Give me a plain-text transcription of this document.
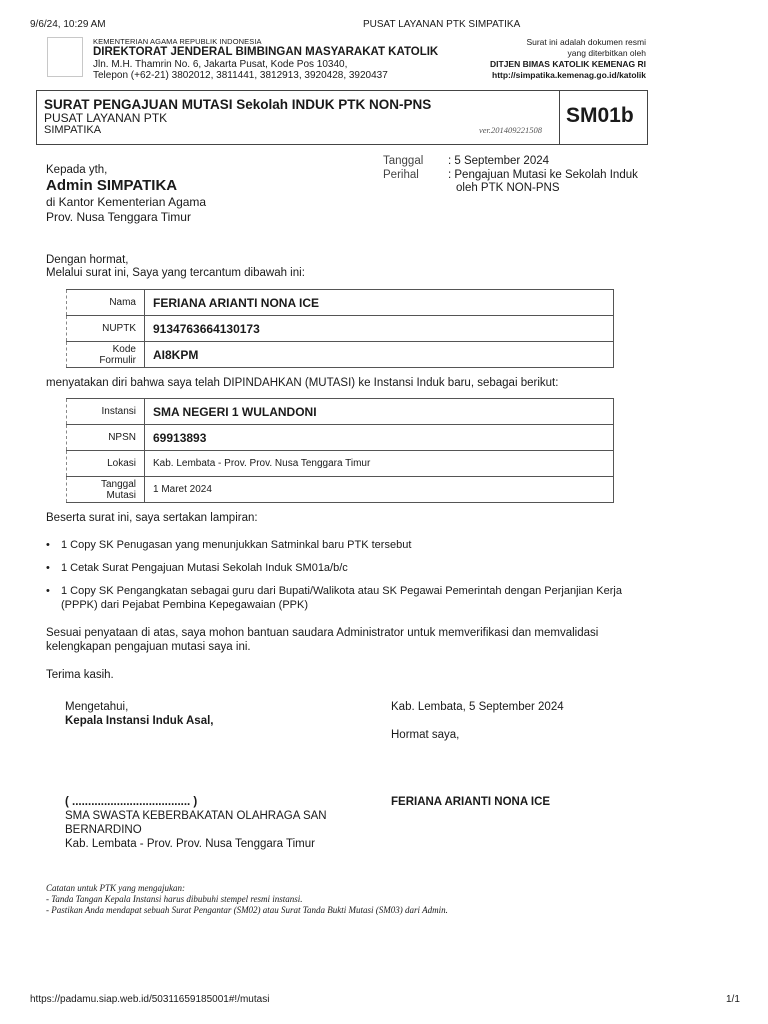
9/6/24, 10:29 AM	PUSAT LAYANAN PTK SIMPATIKA
https://padamu.siap.web.id/50311659185001#!/mutasi	1/1
KEMENTERIAN AGAMA REPUBLIK INDONESIA
DIREKTORAT JENDERAL BIMBINGAN MASYARAKAT KATOLIK
Jln. M.H. Thamrin No. 6, Jakarta Pusat, Kode Pos 10340,
Telepon (+62-21) 3802012, 3811441, 3812913, 3920428, 3920437
Surat ini adalah dokumen resmi
yang diterbitkan oleh
DITJEN BIMAS KATOLIK KEMENAG RI
http://simpatika.kemenag.go.id/katolik
SURAT PENGAJUAN MUTASI Sekolah INDUK PTK NON-PNS
PUSAT LAYANAN PTK
SIMPATIKA	ver.201409221508
SM01b
Kepada yth,
Admin SIMPATIKA
di Kantor Kementerian Agama
Prov. Nusa Tenggara Timur
Tanggal : 5 September 2024
Perihal	: Pengajuan Mutasi ke Sekolah Induk
oleh PTK NON-PNS
Dengan hormat,
Melalui surat ini, Saya yang tercantum dibawah ini:
Nama	FERIANA ARIANTI NONA ICE
NUPTK	9134763664130173
Kode Formulir	AI8KPM
menyatakan diri bahwa saya telah DIPINDAHKAN (MUTASI) ke Instansi Induk baru, sebagai berikut:
Instansi	SMA NEGERI 1 WULANDONI
NPSN	69913893
Lokasi	Kab. Lembata - Prov. Prov. Nusa Tenggara Timur
Tanggal Mutasi	1 Maret 2024
Beserta surat ini, saya sertakan lampiran:
• 1 Copy SK Penugasan yang menunjukkan Satminkal baru PTK tersebut
• 1 Cetak Surat Pengajuan Mutasi Sekolah Induk SM01a/b/c
• 1 Copy SK Pengangkatan sebagai guru dari Bupati/Walikota atau SK Pegawai Pemerintah dengan Perjanjian Kerja (PPPK) dari Pejabat Pembina Kepegawaian (PPK)
Sesuai penyataan di atas, saya mohon bantuan saudara Administrator untuk memverifikasi dan memvalidasi
kelengkapan pengajuan mutasi saya ini.
Terima kasih.
Mengetahui,
Kepala Instansi Induk Asal,
( ..................................... )
SMA SWASTA KEBERBAKATAN OLAHRAGA SAN
BERNARDINO
Kab. Lembata - Prov. Prov. Nusa Tenggara Timur
Kab. Lembata, 5 September 2024
Hormat saya,
FERIANA ARIANTI NONA ICE
Catatan untuk PTK yang mengajukan:
- Tanda Tangan Kepala Instansi harus dibubuhi stempel resmi instansi.
- Pastikan Anda mendapat sebuah Surat Pengantar (SM02) atau Surat Tanda Bukti Mutasi (SM03) dari Admin.
